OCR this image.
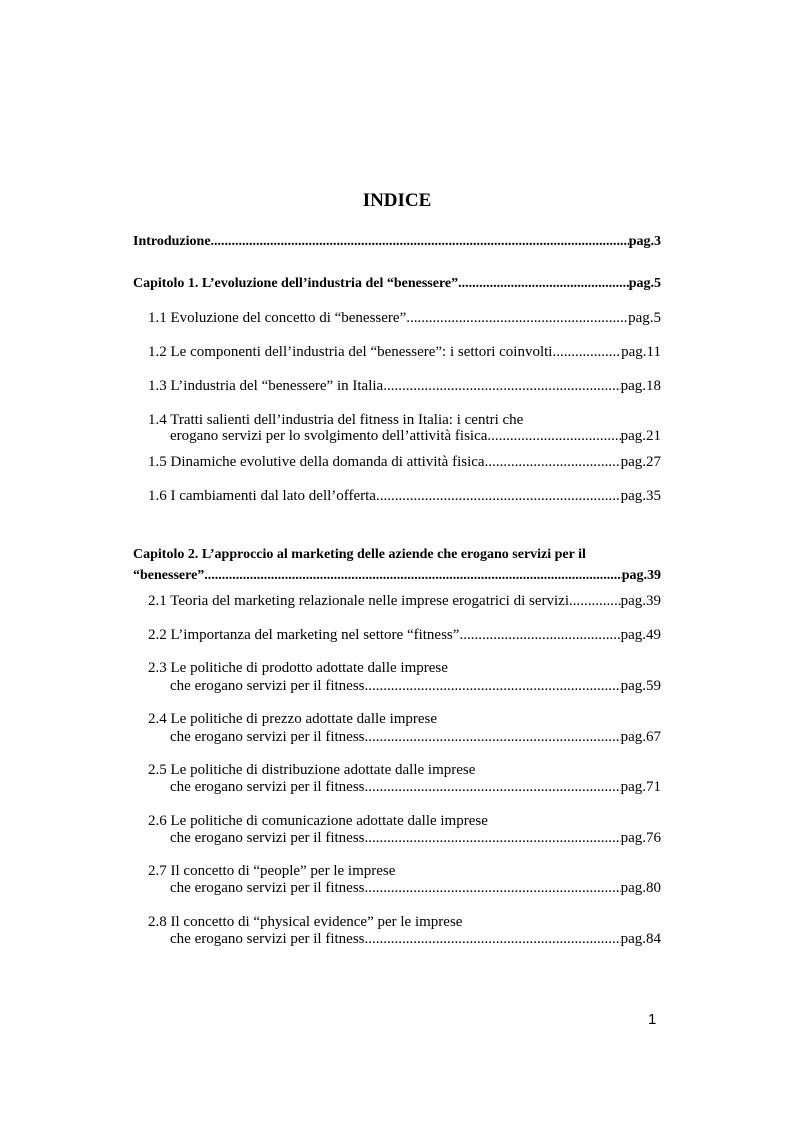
INDICE
Introduzione .....	pag.3
Capitolo 1. L’evoluzione dell’industria del “benessere” .....	pag.5
1.1 Evoluzione del concetto di “benessere” .....	pag.5
1.2 Le componenti dell’industria del “benessere”: i settori coinvolti .....	pag.11
1.3 L’industria del “benessere” in Italia .....	pag.18
1.4 Tratti salienti dell’industria del fitness in Italia: i centri che
erogano servizi per lo svolgimento dell’attività fisica .....	pag.21
1.5 Dinamiche evolutive della domanda di attività fisica .....	pag.27
1.6 I cambiamenti dal lato dell’offerta .....	pag.35
Capitolo 2. L’approccio al marketing delle aziende che erogano servizi per il
“benessere” .....	pag.39
2.1 Teoria del marketing relazionale nelle imprese erogatrici di servizi .....	pag.39
2.2 L’importanza del marketing nel settore “fitness” .....	pag.49
2.3 Le politiche di prodotto adottate dalle imprese
che erogano servizi per il fitness .....	pag.59
2.4 Le politiche di prezzo adottate dalle imprese
che erogano servizi per il fitness .....	pag.67
2.5 Le politiche di distribuzione adottate dalle imprese
che erogano servizi per il fitness .....	pag.71
2.6 Le politiche di comunicazione adottate dalle imprese
che erogano servizi per il fitness .....	pag.76
2.7 Il concetto di “people” per le imprese
che erogano servizi per il fitness .....	pag.80
2.8 Il concetto di “physical evidence” per le imprese
che erogano servizi per il fitness .....	pag.84
1
